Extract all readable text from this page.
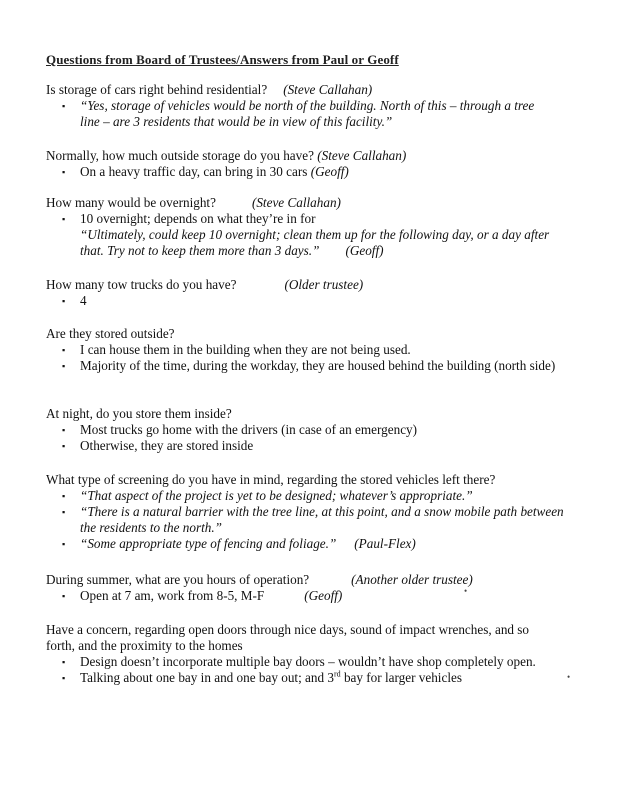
Questions from Board of Trustees/Answers from Paul or Geoff
Is storage of cars right behind residential? (Steve Callahan)
▪ “Yes, storage of vehicles would be north of the building. North of this – through a tree line – are 3 residents that would be in view of this facility.”
Normally, how much outside storage do you have? (Steve Callahan)
▪ On a heavy traffic day, can bring in 30 cars (Geoff)
How many would be overnight?	(Steve Callahan)
▪ 10 overnight; depends on what they’re in for
“Ultimately, could keep 10 overnight; clean them up for the following day, or a day after that. Try not to keep them more than 3 days.” (Geoff)
How many tow trucks do you have?	(Older trustee)
▪ 4
Are they stored outside?
▪ I can house them in the building when they are not being used.
▪ Majority of the time, during the workday, they are housed behind the building (north side)
At night, do you store them inside?
▪ Most trucks go home with the drivers (in case of an emergency)
▪ Otherwise, they are stored inside
What type of screening do you have in mind, regarding the stored vehicles left there?
▪ “That aspect of the project is yet to be designed; whatever’s appropriate.”
▪ “There is a natural barrier with the tree line, at this point, and a snow mobile path between the residents to the north.”
▪ “Some appropriate type of fencing and foliage.” (Paul-Flex)
During summer, what are you hours of operation?	(Another older trustee)
▪ Open at 7 am, work from 8-5, M-F	(Geoff)
Have a concern, regarding open doors through nice days, sound of impact wrenches, and so forth, and the proximity to the homes
▪ Design doesn’t incorporate multiple bay doors – wouldn’t have shop completely open.
▪ Talking about one bay in and one bay out; and 3rd bay for larger vehicles
•
•
